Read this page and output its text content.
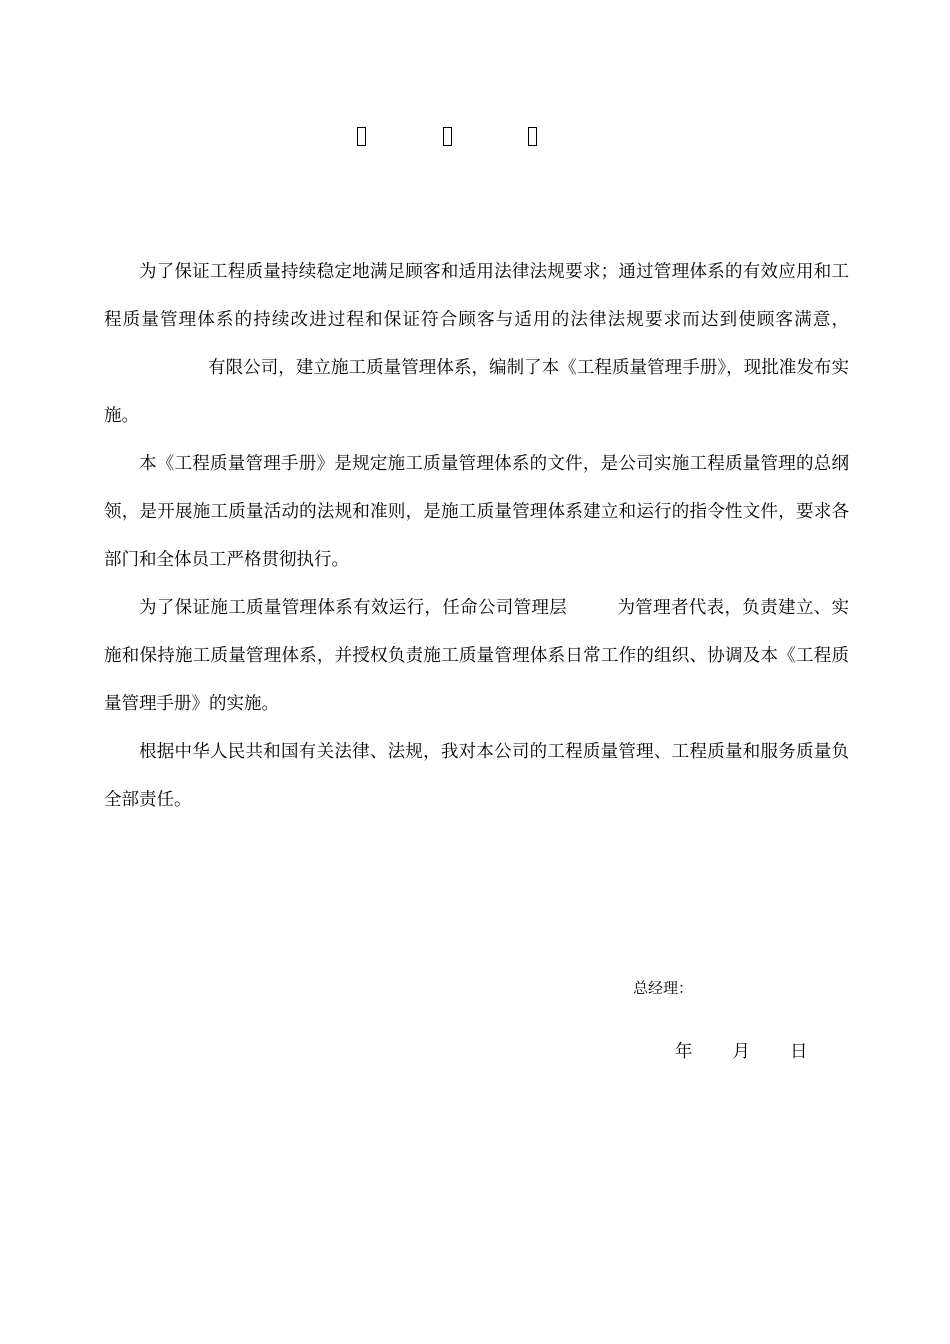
为了保证工程质量持续稳定地满足顾客和适用法律法规要求；通过管理体系的有效应用和工程质量管理体系的持续改进过程和保证符合顾客与适用的法律法规要求而达到使顾客满意，有限公司，建立施工质量管理体系，编制了本《工程质量管理手册》，现批准发布实施。

本《工程质量管理手册》是规定施工质量管理体系的文件，是公司实施工程质量管理的总纲领，是开展施工质量活动的法规和准则，是施工质量管理体系建立和运行的指令性文件，要求各部门和全体员工严格贯彻执行。

为了保证施工质量管理体系有效运行，任命公司管理层	为管理者代表，负责建立、实施和保持施工质量管理体系，并授权负责施工质量管理体系日常工作的组织、协调及本《工程质量管理手册》的实施。

根据中华人民共和国有关法律、法规，我对本公司的工程质量管理、工程质量和服务质量负全部责任。

总经理：
年 月 日
